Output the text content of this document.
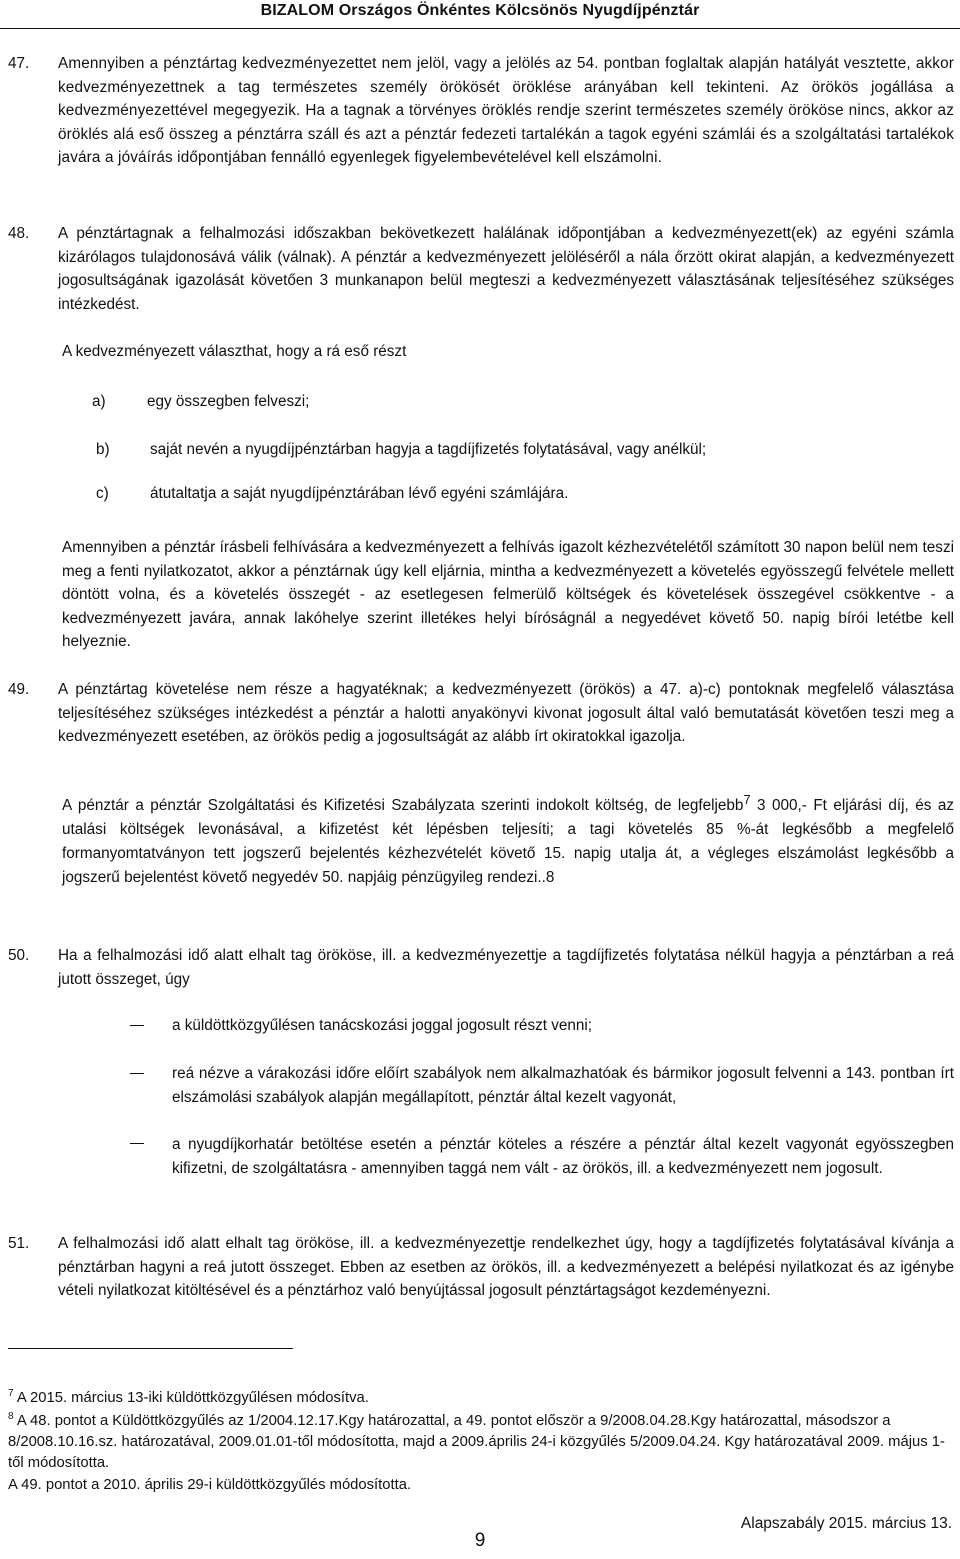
BIZALOM Országos Önkéntes Kölcsönös Nyugdíjpénztár
47. Amennyiben a pénztártag kedvezményezettet nem jelöl, vagy a jelölés az 54. pontban foglaltak alapján hatályát vesztette, akkor kedvezményezettnek a tag természetes személy örökösét öröklése arányában kell tekinteni. Az örökös jogállása a kedvezményezettével megegyezik. Ha a tagnak a törvényes öröklés rendje szerint természetes személy örököse nincs, akkor az öröklés alá eső összeg a pénztárra száll és azt a pénztár fedezeti tartalékán a tagok egyéni számlái és a szolgáltatási tartalékok javára a jóváírás időpontjában fennálló egyenlegek figyelembevételével kell elszámolni.

48. A pénztártagnak a felhalmozási időszakban bekövetkezett halálának időpontjában a kedvezményezett(ek) az egyéni számla kizárólagos tulajdonosává válik (válnak). A pénztár a kedvezményezett jelöléséről a nála őrzött okirat alapján, a kedvezményezett jogosultságának igazolását követően 3 munkanapon belül megteszi a kedvezményezett választásának teljesítéséhez szükséges intézkedést.

A kedvezményezett választhat, hogy a rá eső részt
a)	egy összegben felveszi;
b)	saját nevén a nyugdíjpénztárban hagyja a tagdíjfizetés folytatásával, vagy anélkül;
c)	átutaltatja a saját nyugdíjpénztárában lévő egyéni számlájára.

Amennyiben a pénztár írásbeli felhívására a kedvezményezett a felhívás igazolt kézhezvételétől számított 30 napon belül nem teszi meg a fenti nyilatkozatot, akkor a pénztárnak úgy kell eljárnia, mintha a kedvezményezett a követelés egyösszegű felvétele mellett döntött volna, és a követelés összegét - az esetlegesen felmerülő költségek és követelések összegével csökkentve - a kedvezményezett javára, annak lakóhelye szerint illetékes helyi bíróságnál a negyedévet követő 50. napig bírói letétbe kell helyeznie.

49. A pénztártag követelése nem része a hagyatéknak; a kedvezményezett (örökös) a 47. a)-c) pontoknak megfelelő választása teljesítéséhez szükséges intézkedést a pénztár a halotti anyakönyvi kivonat jogosult által való bemutatását követően teszi meg a kedvezményezett esetében, az örökös pedig a jogosultságát az alább írt okiratokkal igazolja.

A pénztár a pénztár Szolgáltatási és Kifizetési Szabályzata szerinti indokolt költség, de legfeljebb$^7$ 3 000,- Ft eljárási díj, és az utalási költségek levonásával, a kifizetést két lépésben teljesíti; a tagi követelés 85 %-át legkésőbb a megfelelő formanyomtatványon tett jogszerű bejelentés kézhezvételét követő 15. napig utalja át, a végleges elszámolást legkésőbb a jogszerű bejelentést követő negyedév 50. napjáig pénzügyileg rendezi..8

50. Ha a felhalmozási idő alatt elhalt tag örököse, ill. a kedvezményezettje a tagdíjfizetés folytatása nélkül hagyja a pénztárban a reá jutott összeget, úgy

a küldöttközgyűlésen tanácskozási joggal jogosult részt venni;

reá nézve a várakozási időre előírt szabályok nem alkalmazhatóak és bármikor jogosult felvenni a 143. pontban írt elszámolási szabályok alapján megállapított, pénztár által kezelt vagyonát,

a nyugdíjkorhatár betöltése esetén a pénztár köteles a részére a pénztár által kezelt vagyonát egyösszegben kifizetni, de szolgáltatásra - amennyiben taggá nem vált - az örökös, ill. a kedvezményezett nem jogosult.

51. A felhalmozási idő alatt elhalt tag örököse, ill. a kedvezményezettje rendelkezhet úgy, hogy a tagdíjfizetés folytatásával kívánja a pénztárban hagyni a reá jutott összeget. Ebben az esetben az örökös, ill. a kedvezményezett a belépési nyilatkozat és az igénybe vételi nyilatkozat kitöltésével és a pénztárhoz való benyújtással jogosult pénztártagságot kezdeményezni.

$^7$ A 2015. március 13-iki küldöttközgyűlésen módosítva.

$^8$ A 48. pontot a Küldöttközgyűlés az 1/2004.12.17.Kgy határozattal, a 49. pontot először a 9/2008.04.28.Kgy határozattal, másodszor a 8/2008.10.16.sz. határozatával, 2009.01.01-től módosította, majd a 2009.április 24-i közgyűlés 5/2009.04.24. Kgy határozatával 2009. május 1-től módosította.

A 49. pontot a 2010. április 29-i küldöttközgyűlés módosította.

Alapszabály 2015. március 13.
9
